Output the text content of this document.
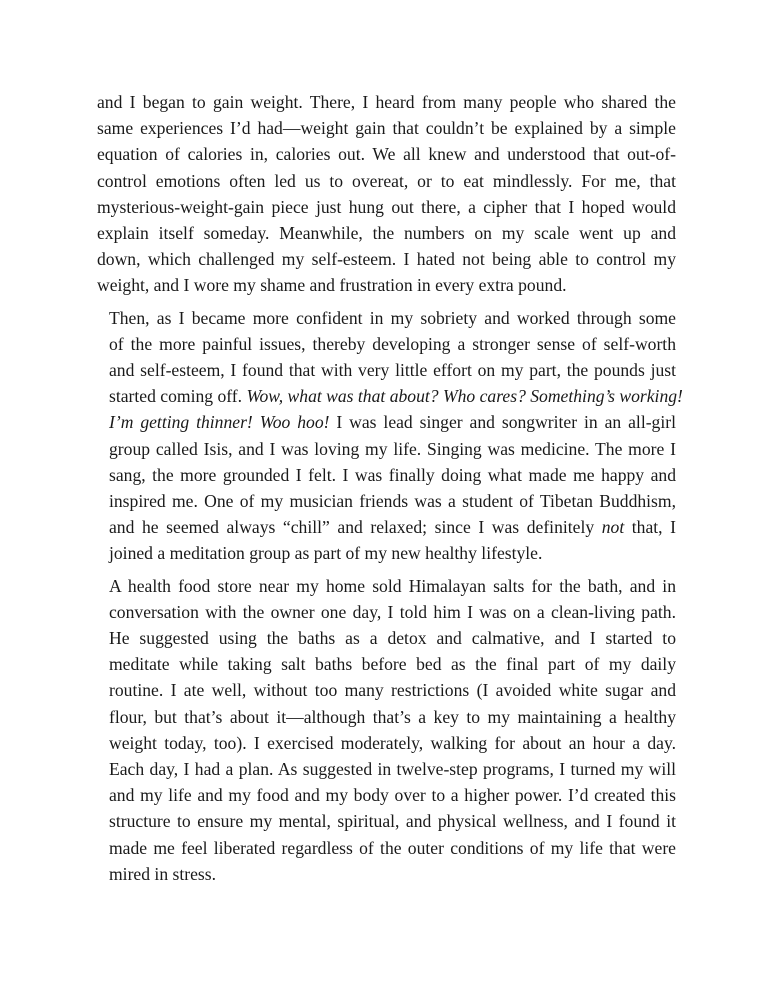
and I began to gain weight. There, I heard from many people who shared the
same experiences I’d had—weight gain that couldn’t be explained by a simple
equation of calories in, calories out. We all knew and understood that out-of-
control emotions often led us to overeat, or to eat mindlessly. For me, that
mysterious-weight-gain piece just hung out there, a cipher that I hoped would
explain itself someday. Meanwhile, the numbers on my scale went up and
down, which challenged my self-esteem. I hated not being able to control my
weight, and I wore my shame and frustration in every extra pound.
Then, as I became more confident in my sobriety and worked through some
of the more painful issues, thereby developing a stronger sense of self-worth
and self-esteem, I found that with very little effort on my part, the pounds just
started coming off. Wow, what was that about? Who cares? Something’s working!
I’m getting thinner! Woo hoo! I was lead singer and songwriter in an all-girl
group called Isis, and I was loving my life. Singing was medicine. The more I
sang, the more grounded I felt. I was finally doing what made me happy and
inspired me. One of my musician friends was a student of Tibetan Buddhism,
and he seemed always “chill” and relaxed; since I was definitely not that, I
joined a meditation group as part of my new healthy lifestyle.
A health food store near my home sold Himalayan salts for the bath, and in
conversation with the owner one day, I told him I was on a clean-living path.
He suggested using the baths as a detox and calmative, and I started to
meditate while taking salt baths before bed as the final part of my daily
routine. I ate well, without too many restrictions (I avoided white sugar and
flour, but that’s about it—although that’s a key to my maintaining a healthy
weight today, too). I exercised moderately, walking for about an hour a day.
Each day, I had a plan. As suggested in twelve-step programs, I turned my will
and my life and my food and my body over to a higher power. I’d created this
structure to ensure my mental, spiritual, and physical wellness, and I found it
made me feel liberated regardless of the outer conditions of my life that were
mired in stress.
